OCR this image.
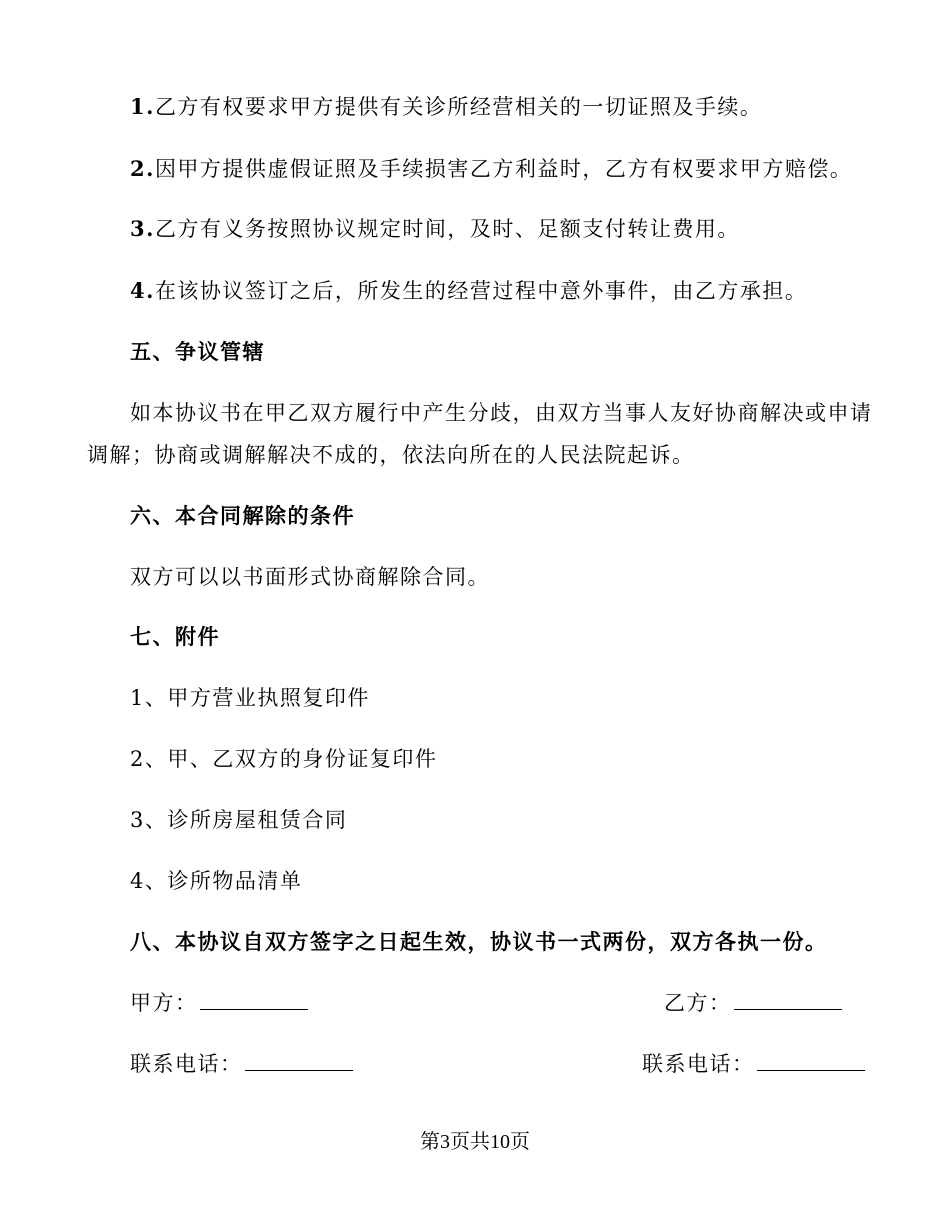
1.乙方有权要求甲方提供有关诊所经营相关的一切证照及手续。
2.因甲方提供虚假证照及手续损害乙方利益时，乙方有权要求甲方赔偿。
3.乙方有义务按照协议规定时间，及时、足额支付转让费用。
4.在该协议签订之后，所发生的经营过程中意外事件，由乙方承担。
五、争议管辖
如本协议书在甲乙双方履行中产生分歧，由双方当事人友好协商解决或申请
调解；协商或调解解决不成的，依法向所在的人民法院起诉。
六、本合同解除的条件
双方可以以书面形式协商解除合同。
七、附件
1、甲方营业执照复印件
2、甲、乙双方的身份证复印件
3、诊所房屋租赁合同
4、诊所物品清单
八、本协议自双方签字之日起生效，协议书一式两份，双方各执一份。
甲方：	乙方：
联系电话：	联系电话：
第3页共10页
